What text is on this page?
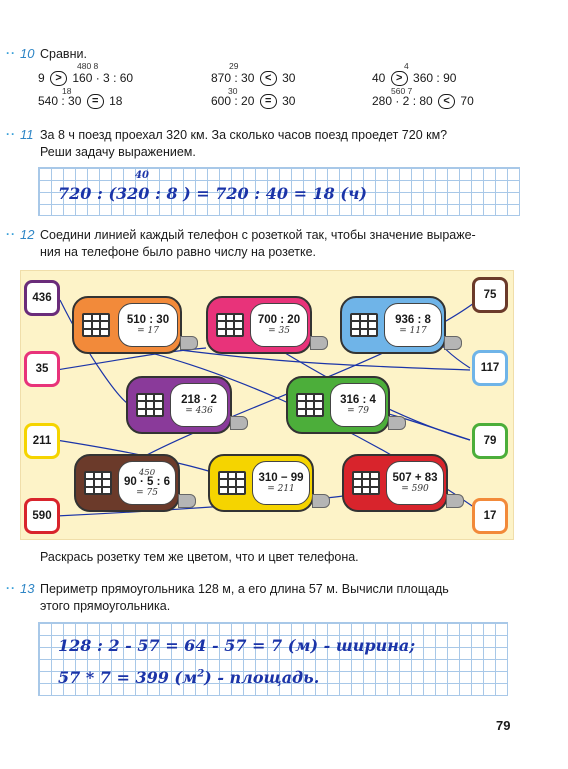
·· 10 Сравни.
480 8
9 > 160 · 3 : 60
29
870 : 30 < 30
4
40 > 360 : 90
18
540 : 30 = 18
30
600 : 20 = 30
560 7
280 · 2 : 80 < 70
·· 11 За 8 ч поезд проехал 320 км. За сколько часов поезд проедет 720 км?
Реши задачу выражением.
40
720 : (320 : 8 ) = 720 : 40 = 18 (ч)
·· 12 Соедини линией каждый телефон с розеткой так, чтобы значение выраже-
ния на телефоне было равно числу на розетке.
436
35
211
590
75
117
79
17
510 : 30
= 17
700 : 20
= 35
936 : 8
= 117
218 · 2
= 436
316 : 4
= 79
450
90 · 5 : 6
= 75
310 − 99
= 211
507 + 83
= 590
Раскрась розетку тем же цветом, что и цвет телефона.
·· 13 Периметр прямоугольника 128 м, а его длина 57 м. Вычисли площадь
этого прямоугольника.
128 : 2 - 57 = 64 - 57 = 7 (м) - ширина;
57 * 7 = 399 $(м^2)$ - площадь.
79
